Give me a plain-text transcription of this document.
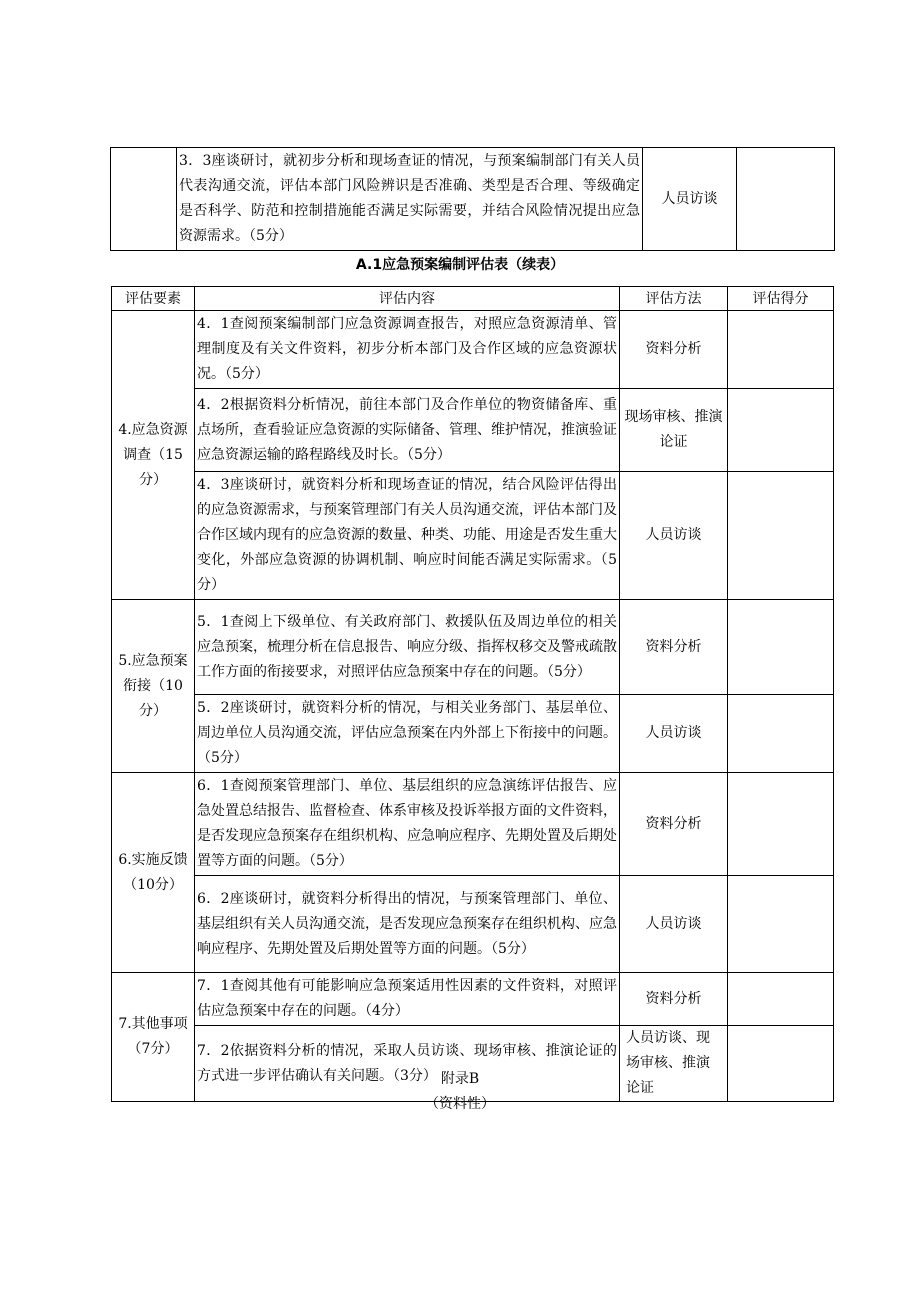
	3．3座谈研讨，就初步分析和现场查证的情况，与预案编制部门有关人员代表沟通交流，评估本部门风险辨识是否准确、类型是否合理、等级确定是否科学、防范和控制措施能否满足实际需要，并结合风险情况提出应急资源需求。（5分）	人员访谈	
A.1应急预案编制评估表（续表）
评估要素	评估内容	评估方法	评估得分
4.应急资源调查（15分）	4．1查阅预案编制部门应急资源调查报告，对照应急资源清单、管理制度及有关文件资料，初步分析本部门及合作区域的应急资源状况。（5分）	资料分析	
	4．2根据资料分析情况，前往本部门及合作单位的物资储备库、重点场所，查看验证应急资源的实际储备、管理、维护情况，推演验证应急资源运输的路程路线及时长。（5分）	现场审核、推演论证	
	4．3座谈研讨，就资料分析和现场查证的情况，结合风险评估得出的应急资源需求，与预案管理部门有关人员沟通交流，评估本部门及合作区域内现有的应急资源的数量、种类、功能、用途是否发生重大变化，外部应急资源的协调机制、响应时间能否满足实际需求。（5分）	人员访谈	
5.应急预案衔接（10分）	5．1查阅上下级单位、有关政府部门、救援队伍及周边单位的相关应急预案，梳理分析在信息报告、响应分级、指挥权移交及警戒疏散工作方面的衔接要求，对照评估应急预案中存在的问题。（5分）	资料分析	
	5．2座谈研讨，就资料分析的情况，与相关业务部门、基层单位、周边单位人员沟通交流，评估应急预案在内外部上下衔接中的问题。（5分）	人员访谈	
6.实施反馈（10分）	6．1查阅预案管理部门、单位、基层组织的应急演练评估报告、应急处置总结报告、监督检查、体系审核及投诉举报方面的文件资料，是否发现应急预案存在组织机构、应急响应程序、先期处置及后期处置等方面的问题。（5分）	资料分析	
	6．2座谈研讨，就资料分析得出的情况，与预案管理部门、单位、基层组织有关人员沟通交流，是否发现应急预案存在组织机构、应急响应程序、先期处置及后期处置等方面的问题。（5分）	人员访谈	
7.其他事项（7分）	7．1查阅其他有可能影响应急预案适用性因素的文件资料，对照评估应急预案中存在的问题。（4分）	资料分析	
	7．2依据资料分析的情况，采取人员访谈、现场审核、推演论证的方式进一步评估确认有关问题。（3分）	人员访谈、现场审核、推演论证	
附录B
（资料性）
